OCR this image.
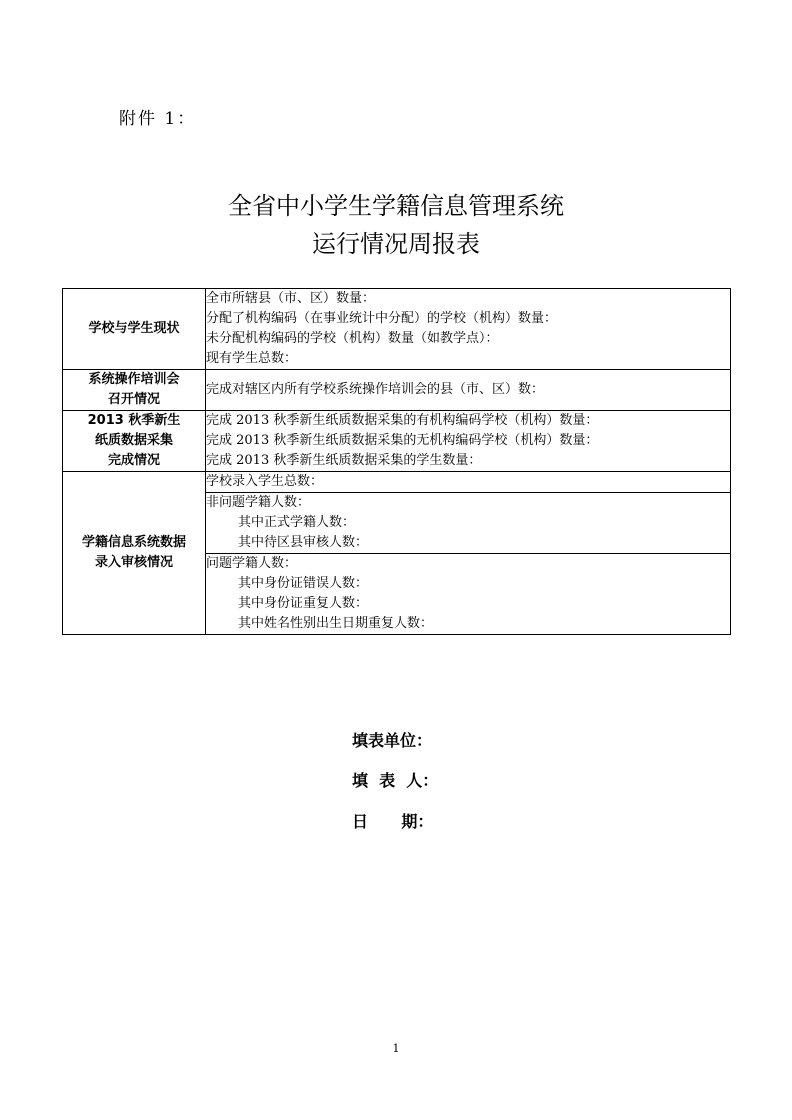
附件 1：
全省中小学生学籍信息管理系统
运行情况周报表
学校与学生现状	全市所辖县（市、区）数量：
分配了机构编码（在事业统计中分配）的学校（机构）数量：
未分配机构编码的学校（机构）数量（如教学点）：
现有学生总数：

系统操作培训会
召开情况	完成对辖区内所有学校系统操作培训会的县（市、区）数：

2013 秋季新生
纸质数据采集
完成情况	完成 2013 秋季新生纸质数据采集的有机构编码学校（机构）数量：
完成 2013 秋季新生纸质数据采集的无机构编码学校（机构）数量：
完成 2013 秋季新生纸质数据采集的学生数量：

学籍信息系统数据
录入审核情况	学校录入学生总数：

	非问题学籍人数：
其中正式学籍人数：
其中待区县审核人数：

	问题学籍人数：
其中身份证错误人数：
其中身份证重复人数：
其中姓名性别出生日期重复人数：
填表单位：
填  表  人：
日      期：
1
